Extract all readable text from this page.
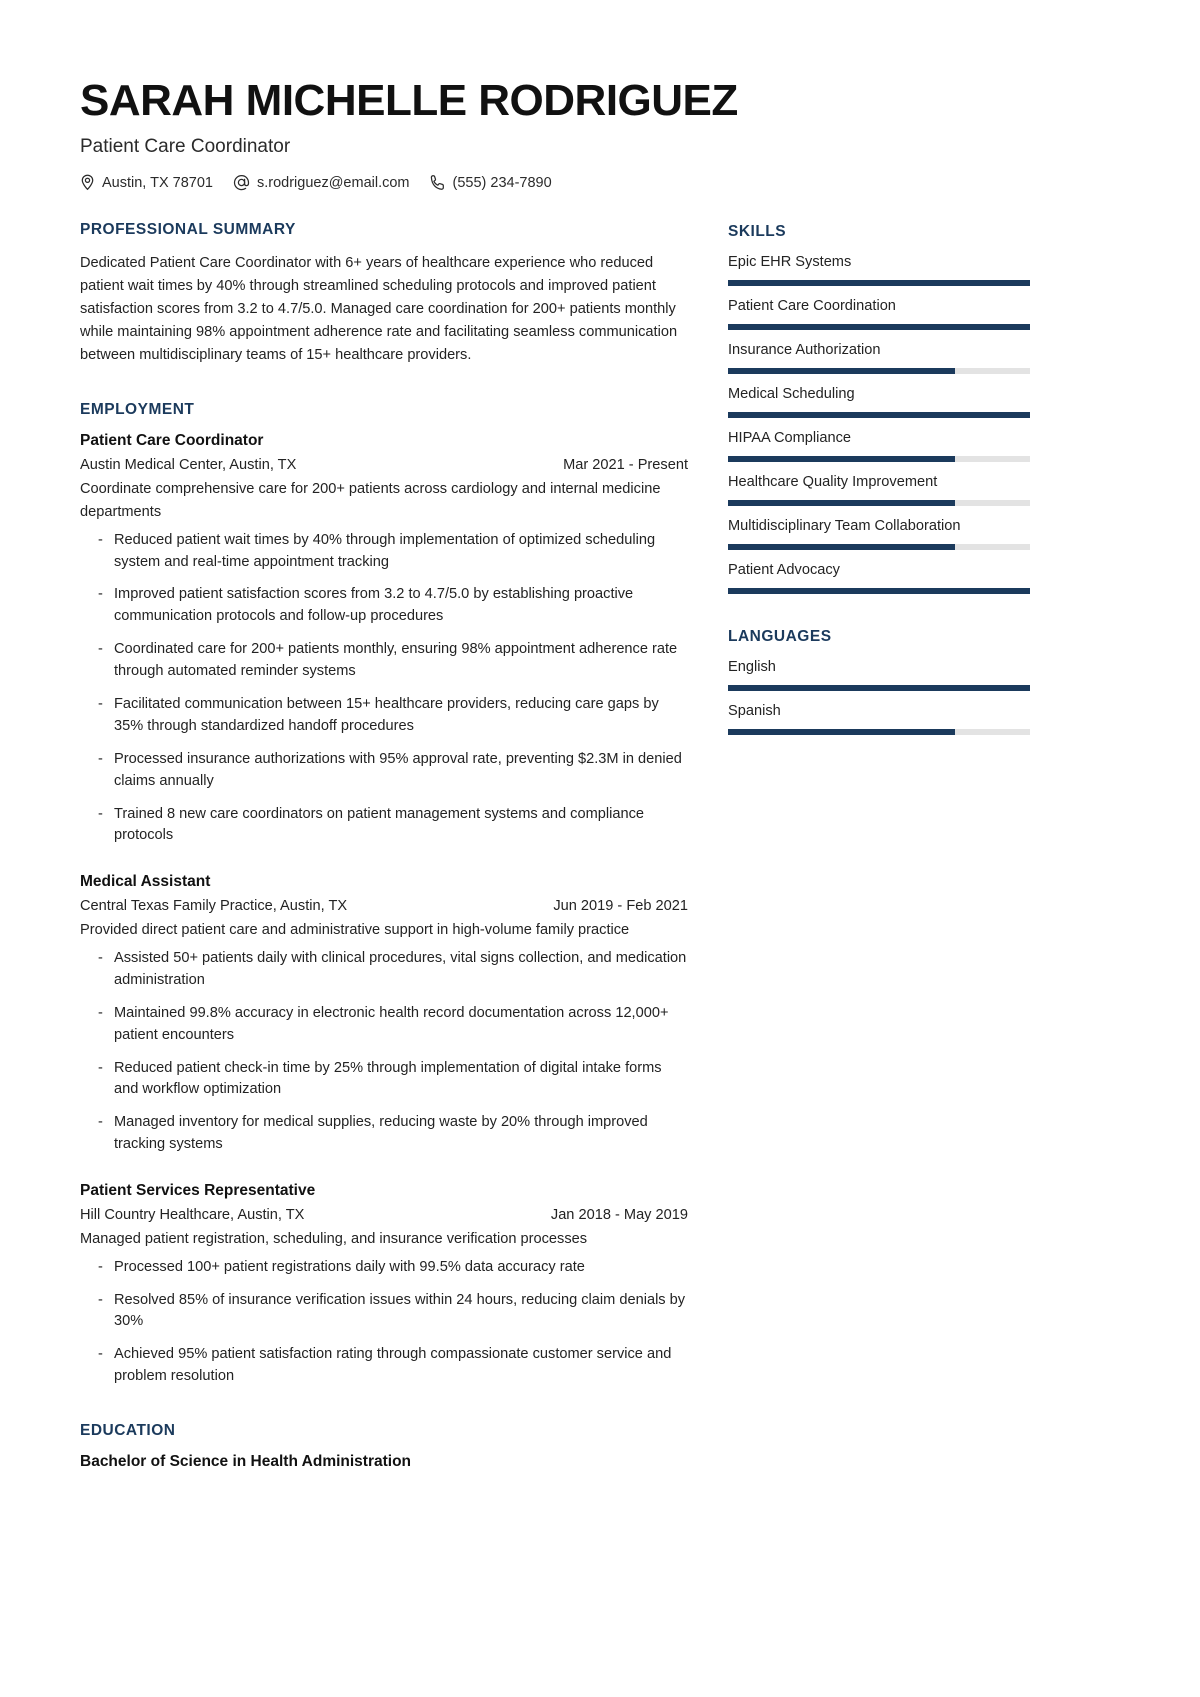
SARAH MICHELLE RODRIGUEZ
Patient Care Coordinator
Austin, TX 78701	s.rodriguez@email.com	(555) 234-7890
PROFESSIONAL SUMMARY
Dedicated Patient Care Coordinator with 6+ years of healthcare experience who reduced patient wait times by 40% through streamlined scheduling protocols and improved patient satisfaction scores from 3.2 to 4.7/5.0. Managed care coordination for 200+ patients monthly while maintaining 98% appointment adherence rate and facilitating seamless communication between multidisciplinary teams of 15+ healthcare providers.
EMPLOYMENT
Patient Care Coordinator
Austin Medical Center, Austin, TX	Mar 2021 - Present
Coordinate comprehensive care for 200+ patients across cardiology and internal medicine departments
- Reduced patient wait times by 40% through implementation of optimized scheduling system and real-time appointment tracking
- Improved patient satisfaction scores from 3.2 to 4.7/5.0 by establishing proactive communication protocols and follow-up procedures
- Coordinated care for 200+ patients monthly, ensuring 98% appointment adherence rate through automated reminder systems
- Facilitated communication between 15+ healthcare providers, reducing care gaps by 35% through standardized handoff procedures
- Processed insurance authorizations with 95% approval rate, preventing $2.3M in denied claims annually
- Trained 8 new care coordinators on patient management systems and compliance protocols
Medical Assistant
Central Texas Family Practice, Austin, TX	Jun 2019 - Feb 2021
Provided direct patient care and administrative support in high-volume family practice
- Assisted 50+ patients daily with clinical procedures, vital signs collection, and medication administration
- Maintained 99.8% accuracy in electronic health record documentation across 12,000+ patient encounters
- Reduced patient check-in time by 25% through implementation of digital intake forms and workflow optimization
- Managed inventory for medical supplies, reducing waste by 20% through improved tracking systems
Patient Services Representative
Hill Country Healthcare, Austin, TX	Jan 2018 - May 2019
Managed patient registration, scheduling, and insurance verification processes
- Processed 100+ patient registrations daily with 99.5% data accuracy rate
- Resolved 85% of insurance verification issues within 24 hours, reducing claim denials by 30%
- Achieved 95% patient satisfaction rating through compassionate customer service and problem resolution
EDUCATION
Bachelor of Science in Health Administration
SKILLS
Epic EHR Systems
Patient Care Coordination
Insurance Authorization
Medical Scheduling
HIPAA Compliance
Healthcare Quality Improvement
Multidisciplinary Team Collaboration
Patient Advocacy
LANGUAGES
English
Spanish
